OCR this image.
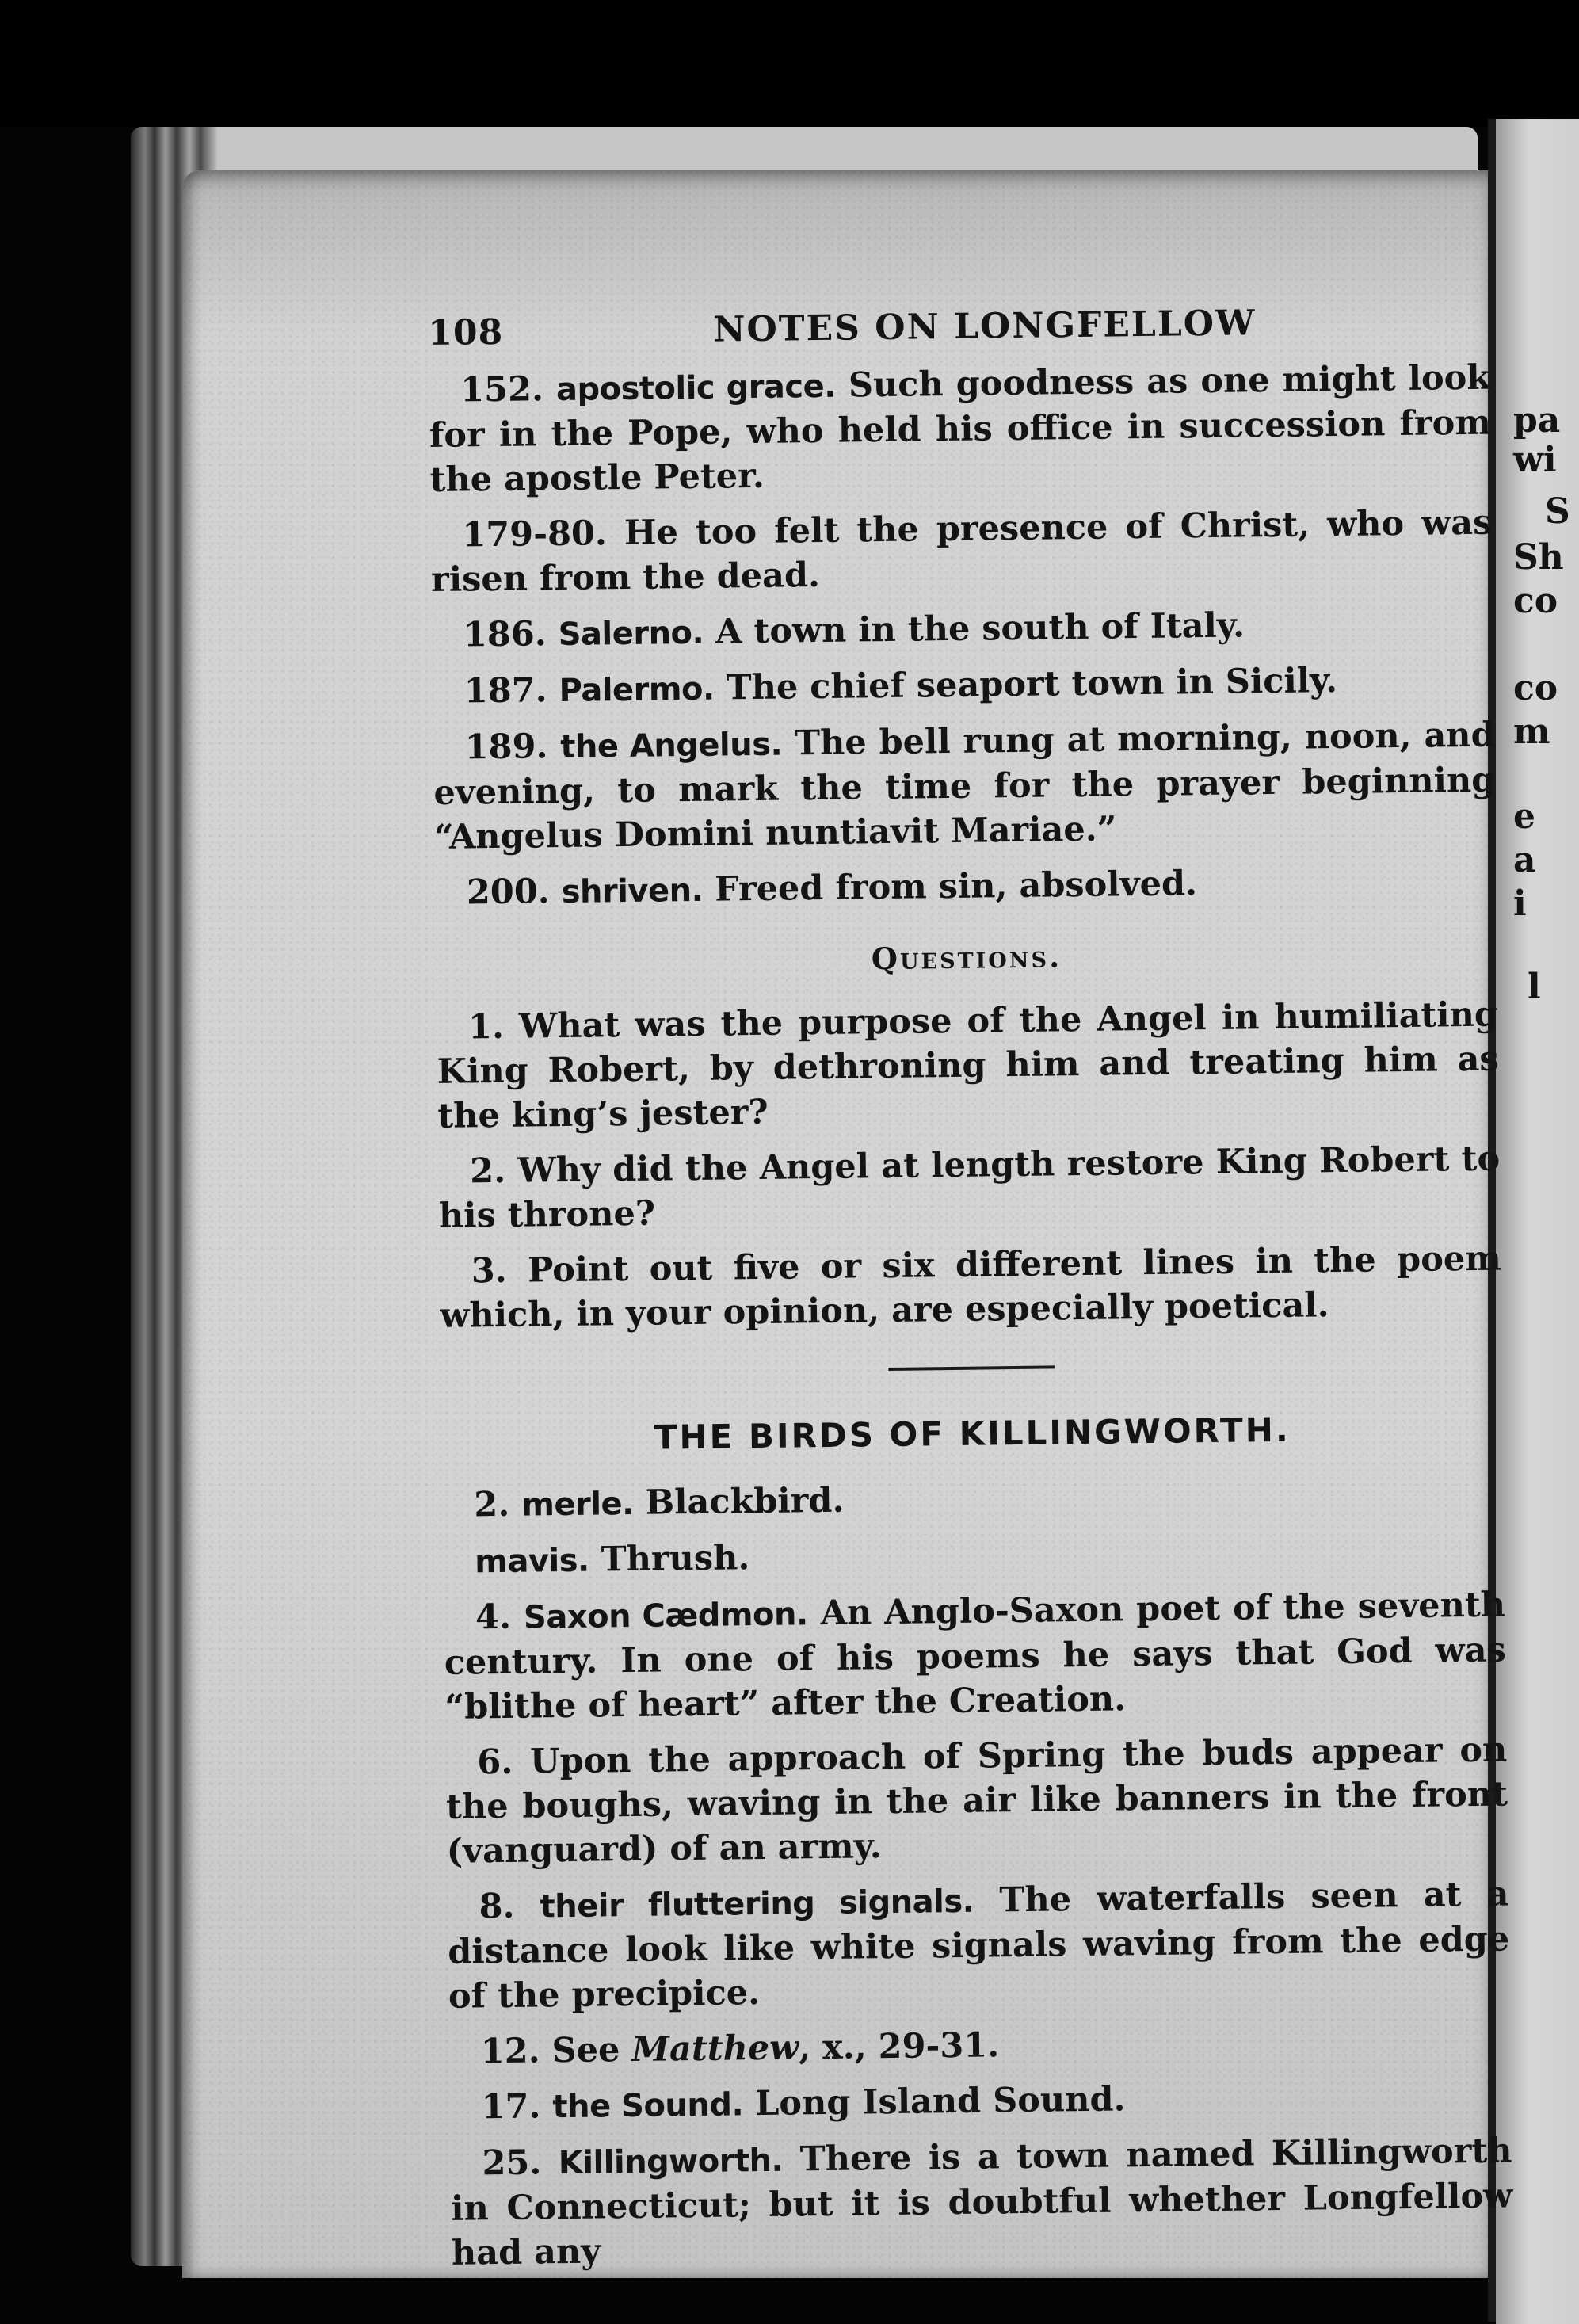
pa
wi
S
Sh
co
co
m
e
a
i
l
108	NOTES ON LONGFELLOW

152. apostolic grace. Such goodness as one might look for in the Pope, who held his office in succession from the apostle Peter.

179-80. He too felt the presence of Christ, who was risen from the dead.

186. Salerno. A town in the south of Italy.

187. Palermo. The chief seaport town in Sicily.

189. the Angelus. The bell rung at morning, noon, and evening, to mark the time for the prayer beginning “Angelus Domini nuntiavit Mariae.”

200. shriven. Freed from sin, absolved.

Questions.

1. What was the purpose of the Angel in humiliating King Robert, by dethroning him and treating him as the king’s jester?

2. Why did the Angel at length restore King Robert to his throne?

3. Point out five or six different lines in the poem which, in your opinion, are especially poetical.

THE BIRDS OF KILLINGWORTH.

2. merle. Blackbird.

mavis. Thrush.

4. Saxon Cædmon. An Anglo-Saxon poet of the seventh century. In one of his poems he says that God was “blithe of heart” after the Creation.

6. Upon the approach of Spring the buds appear on the boughs, waving in the air like banners in the front (vanguard) of an army.

8. their fluttering signals. The waterfalls seen at a distance look like white signals waving from the edge of the precipice.

12. See Matthew, x., 29-31.

17. the Sound. Long Island Sound.

25. Killingworth. There is a town named Killingworth in Connecticut; but it is doubtful whether Longfellow had any
